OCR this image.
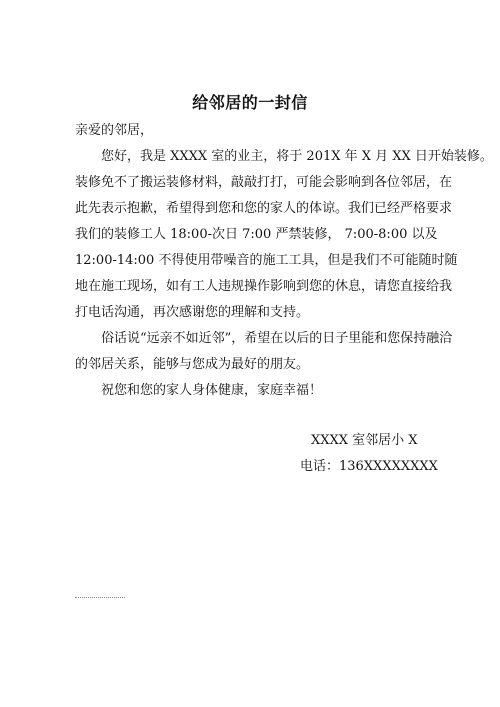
给邻居的一封信
亲爱的邻居，
您好，我是 XXXX 室的业主，将于 201X 年 X 月 XX 日开始装修。
装修免不了搬运装修材料，敲敲打打，可能会影响到各位邻居，在
此先表示抱歉，希望得到您和您的家人的体谅。我们已经严格要求
我们的装修工人 18:00-次日 7:00 严禁装修， 7:00-8:00 以及
12:00-14:00 不得使用带噪音的施工工具，但是我们不可能随时随
地在施工现场，如有工人违规操作影响到您的休息，请您直接给我
打电话沟通，再次感谢您的理解和支持。
俗话说“远亲不如近邻”，希望在以后的日子里能和您保持融洽
的邻居关系，能够与您成为最好的朋友。
祝您和您的家人身体健康，家庭幸福！
XXXX 室邻居小 X
电话：136XXXXXXXX
